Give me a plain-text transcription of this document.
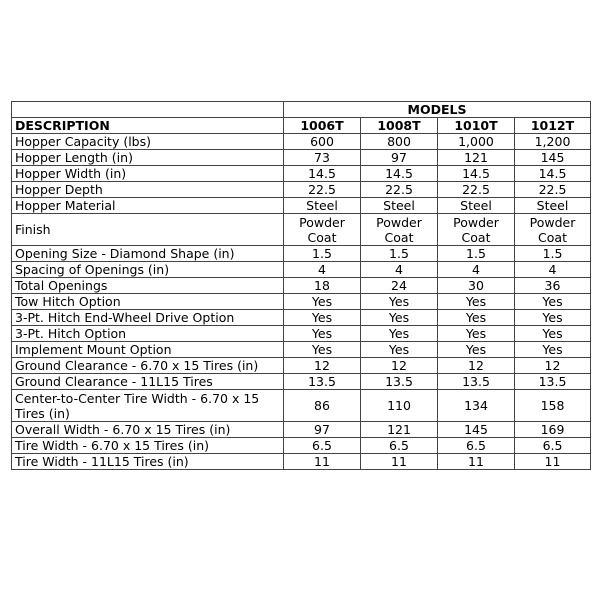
	MODELS			
DESCRIPTION	1006T	1008T	1010T	1012T
Hopper Capacity (lbs)	600	800	1,000	1,200
Hopper Length (in)	73	97	121	145
Hopper Width (in)	14.5	14.5	14.5	14.5
Hopper Depth	22.5	22.5	22.5	22.5
Hopper Material	Steel	Steel	Steel	Steel
Finish	Powder Coat	Powder Coat	Powder Coat	Powder Coat
Opening Size - Diamond Shape (in)	1.5	1.5	1.5	1.5
Spacing of Openings (in)	4	4	4	4
Total Openings	18	24	30	36
Tow Hitch Option	Yes	Yes	Yes	Yes
3-Pt. Hitch End-Wheel Drive Option	Yes	Yes	Yes	Yes
3-Pt. Hitch Option	Yes	Yes	Yes	Yes
Implement Mount Option	Yes	Yes	Yes	Yes
Ground Clearance - 6.70 x 15 Tires (in)	12	12	12	12
Ground Clearance - 11L15 Tires	13.5	13.5	13.5	13.5
Center-to-Center Tire Width - 6.70 x 15 Tires (in)	86	110	134	158
Overall Width - 6.70 x 15 Tires (in)	97	121	145	169
Tire Width - 6.70 x 15 Tires (in)	6.5	6.5	6.5	6.5
Tire Width - 11L15 Tires (in)	11	11	11	11
